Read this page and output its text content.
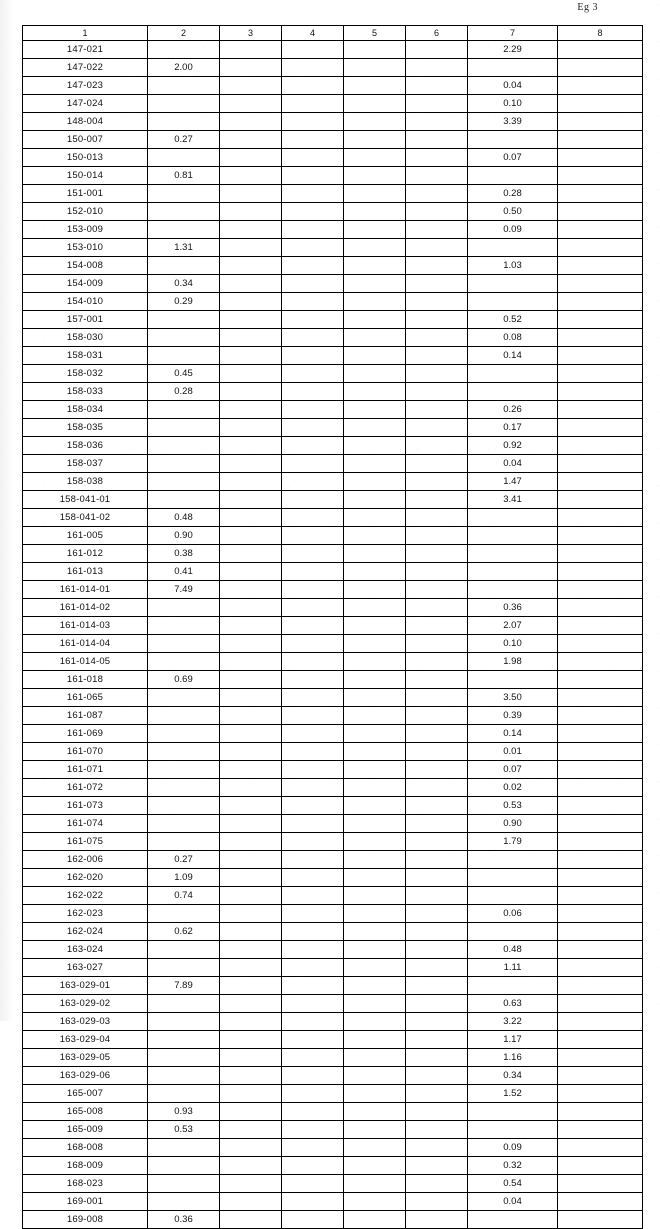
Eg 3
1	2	3	4	5	6	7	8
147-021						2.29	
147-022	2.00						
147-023						0.04	
147-024						0.10	
148-004						3.39	
150-007	0.27						
150-013						0.07	
150-014	0.81						
151-001						0.28	
152-010						0.50	
153-009						0.09	
153-010	1.31						
154-008						1.03	
154-009	0.34						
154-010	0.29						
157-001						0.52	
158-030						0.08	
158-031						0.14	
158-032	0.45						
158-033	0.28						
158-034						0.26	
158-035						0.17	
158-036						0.92	
158-037						0.04	
158-038						1.47	
158-041-01						3.41	
158-041-02	0.48						
161-005	0.90						
161-012	0.38						
161-013	0.41						
161-014-01	7.49						
161-014-02						0.36	
161-014-03						2.07	
161-014-04						0.10	
161-014-05						1.98	
161-018	0.69						
161-065						3.50	
161-087						0.39	
161-069						0.14	
161-070						0.01	
161-071						0.07	
161-072						0.02	
161-073						0.53	
161-074						0.90	
161-075						1.79	
162-006	0.27						
162-020	1.09						
162-022	0.74						
162-023						0.06	
162-024	0.62						
163-024						0.48	
163-027						1.11	
163-029-01	7.89						
163-029-02						0.63	
163-029-03						3.22	
163-029-04						1.17	
163-029-05						1.16	
163-029-06						0.34	
165-007						1.52	
165-008	0.93						
165-009	0.53						
168-008						0.09	
168-009						0.32	
168-023						0.54	
169-001						0.04	
169-008	0.36						
